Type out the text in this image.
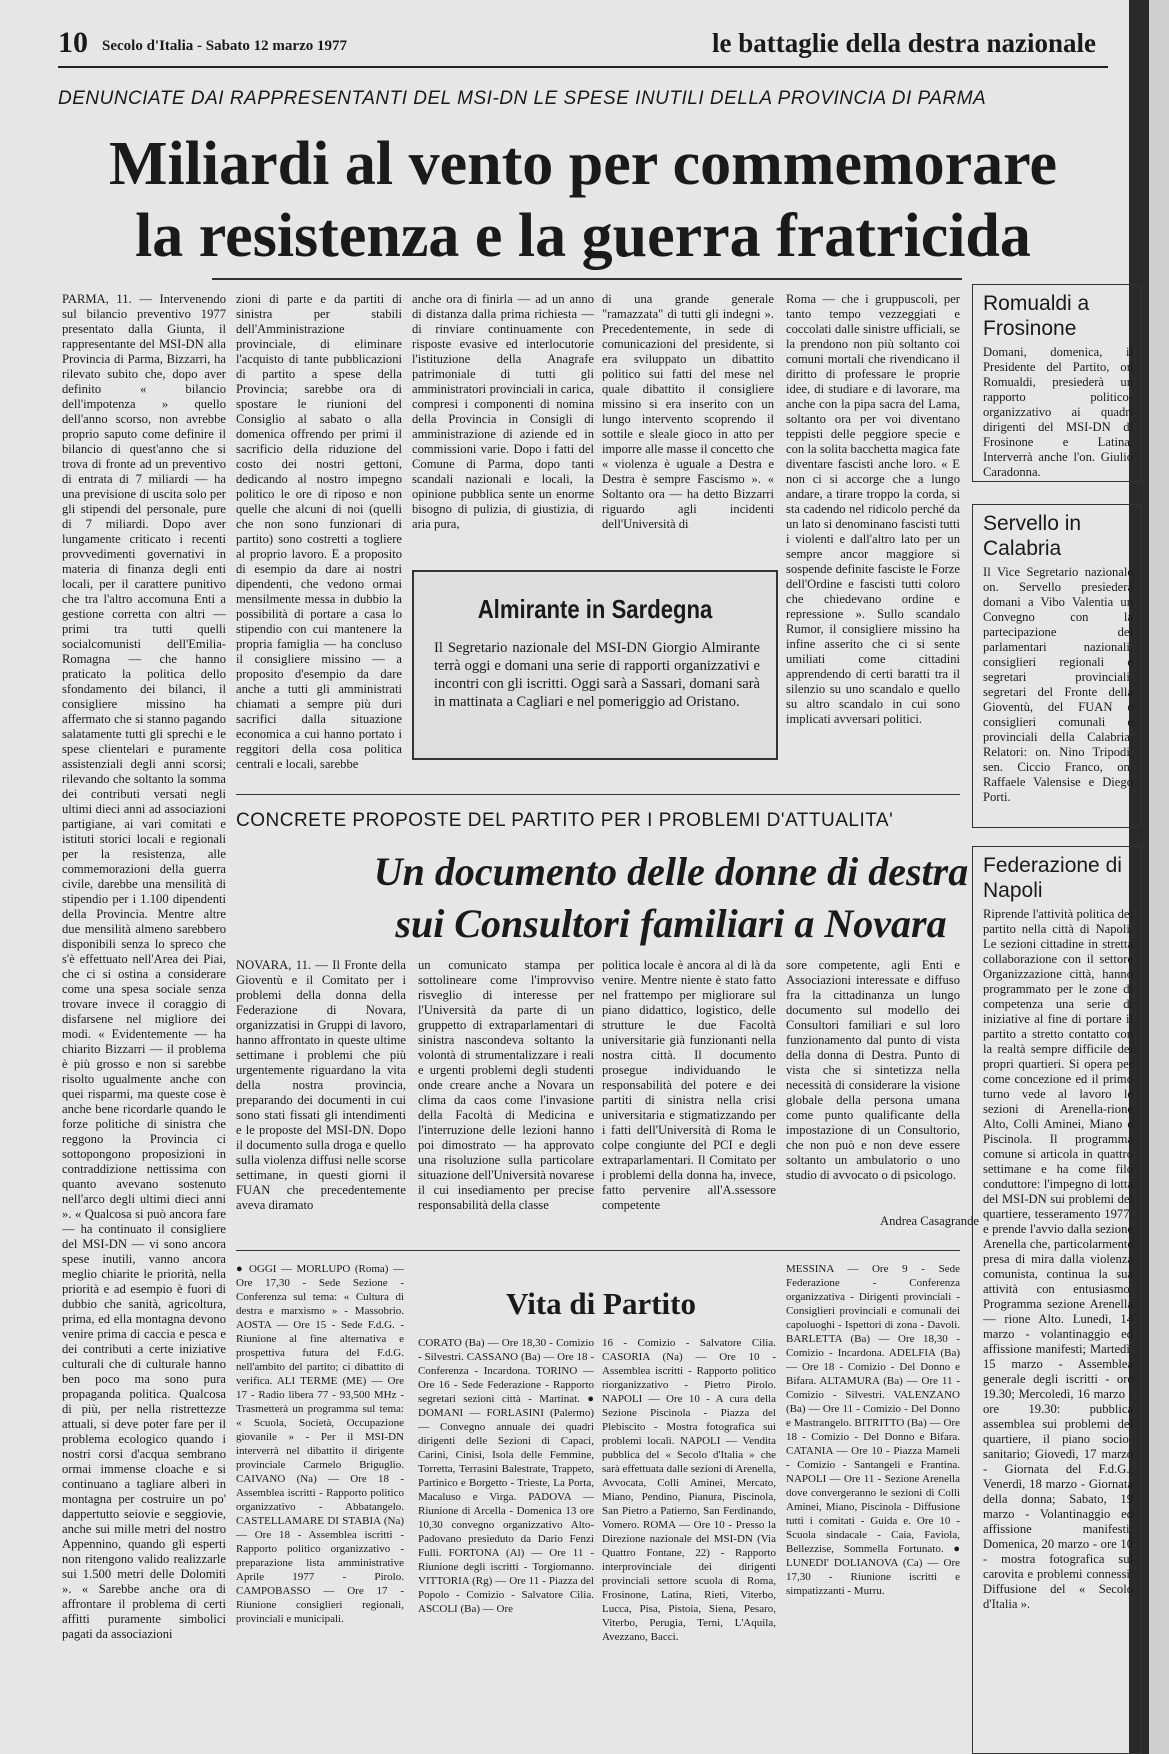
10 Secolo d'Italia - Sabato 12 marzo 1977	le battaglie della destra nazionale
DENUNCIATE DAI RAPPRESENTANTI DEL MSI-DN LE SPESE INUTILI DELLA PROVINCIA DI PARMA
Miliardi al vento per commemorare
la resistenza e la guerra fratricida
PARMA, 11. — Intervenendo sul bilancio preventivo 1977 presentato dalla Giunta, il rappresentante del MSI-DN alla Provincia di Parma, Bizzarri, ha rilevato subito che, dopo aver definito « bilancio dell'impotenza » quello dell'anno scorso, non avrebbe proprio saputo come definire il bilancio di quest'anno che si trova di fronte ad un preventivo di entrata di 7 miliardi — ha una previsione di uscita solo per gli stipendi del personale, pure di 7 miliardi. Dopo aver lungamente criticato i recenti provvedimenti governativi in materia di finanza degli enti locali, per il carattere punitivo che tra l'altro accomuna Enti a gestione corretta con altri — primi tra tutti quelli socialcomunisti dell'Emilia-Romagna — che hanno praticato la politica dello sfondamento dei bilanci, il consigliere missino ha affermato che si stanno pagando salatamente tutti gli sprechi e le spese clientelari e puramente assistenziali degli anni scorsi; rilevando che soltanto la somma dei contributi versati negli ultimi dieci anni ad associazioni partigiane, ai vari comitati e istituti storici locali e regionali per la resistenza, alle commemorazioni della guerra civile, darebbe una mensilità di stipendio per i 1.100 dipendenti della Provincia. Mentre altre due mensilità almeno sarebbero disponibili senza lo spreco che s'è effettuato nell'Area dei Piai, che ci si ostina a considerare come una spesa sociale senza trovare invece il coraggio di disfarsene nel migliore dei modi. « Evidentemente — ha chiarito Bizzarri — il problema è più grosso e non si sarebbe risolto ugualmente anche con quei risparmi, ma queste cose è anche bene ricordarle quando le forze politiche di sinistra che reggono la Provincia ci sottopongono proposizioni in contraddizione nettissima con quanto avevano sostenuto nell'arco degli ultimi dieci anni ». « Qualcosa si può ancora fare — ha continuato il consigliere del MSI-DN — vi sono ancora spese inutili, vanno ancora meglio chiarite le priorità, nella priorità e ad esempio è fuori di dubbio che sanità, agricoltura, prima, ed ella montagna devono venire prima di caccia e pesca e dei contributi a certe iniziative culturali che di culturale hanno ben poco ma sono pura propaganda politica. Qualcosa di più, per nella ristrettezze attuali, si deve poter fare per il problema ecologico quando i nostri corsi d'acqua sembrano ormai immense cloache e si continuano a tagliare alberi in montagna per costruire un po' dappertutto seiovie e seggiovie, anche sui mille metri del nostro Appennino, quando gli esperti non ritengono valido realizzarle sui 1.500 metri delle Dolomiti ». « Sarebbe anche ora di affrontare il problema di certi affitti puramente simbolici pagati da associazioni
zioni di parte e da partiti di sinistra per stabili dell'Amministrazione provinciale, di eliminare l'acquisto di tante pubblicazioni di partito a spese della Provincia; sarebbe ora di spostare le riunioni del Consiglio al sabato o alla domenica offrendo per primi il sacrificio della riduzione del costo dei nostri gettoni, dedicando al nostro impegno politico le ore di riposo e non quelle che alcuni di noi (quelli che non sono funzionari di partito) sono costretti a togliere al proprio lavoro. E a proposito di esempio da dare ai nostri dipendenti, che vedono ormai mensilmente messa in dubbio la possibilità di portare a casa lo stipendio con cui mantenere la propria famiglia — ha concluso il consigliere missino — a proposito d'esempio da dare anche a tutti gli amministrati chiamati a sempre più duri sacrifici dalla situazione economica a cui hanno portato i reggitori della cosa politica centrali e locali, sarebbe
anche ora di finirla — ad un anno di distanza dalla prima richiesta — di rinviare continuamente con risposte evasive ed interlocutorie l'istituzione della Anagrafe patrimoniale di tutti gli amministratori provinciali in carica, compresi i componenti di nomina della Provincia in Consigli di amministrazione di aziende ed in commissioni varie. Dopo i fatti del Comune di Parma, dopo tanti scandali nazionali e locali, la opinione pubblica sente un enorme bisogno di pulizia, di giustizia, di aria pura,
di una grande generale "ramazzata" di tutti gli indegni ». Precedentemente, in sede di comunicazioni del presidente, si era sviluppato un dibattito politico sui fatti del mese nel quale dibattito il consigliere missino si era inserito con un lungo intervento scoprendo il sottile e sleale gioco in atto per imporre alle masse il concetto che « violenza è uguale a Destra e Destra è sempre Fascismo ». « Soltanto ora — ha detto Bizzarri riguardo agli incidenti dell'Università di
Roma — che i gruppuscoli, per tanto tempo vezzeggiati e coccolati dalle sinistre ufficiali, se la prendono non più soltanto coi comuni mortali che rivendicano il diritto di professare le proprie idee, di studiare e di lavorare, ma anche con la pipa sacra del Lama, soltanto ora per voi diventano teppisti delle peggiore specie e con la solita bacchetta magica fate diventare fascisti anche loro. « E non ci si accorge che a lungo andare, a tirare troppo la corda, si sta cadendo nel ridicolo perché da un lato si denominano fascisti tutti i violenti e dall'altro lato per un sempre ancor maggiore si sospende definite fasciste le Forze dell'Ordine e fascisti tutti coloro che chiedevano ordine e repressione ». Sullo scandalo Rumor, il consigliere missino ha infine asserito che ci si sente umiliati come cittadini apprendendo di certi baratti tra il silenzio su uno scandalo e quello su altro scandalo in cui sono implicati avversari politici.
Almirante in Sardegna
Il Segretario nazionale del MSI-DN Giorgio Almirante terrà oggi e domani una serie di rapporti organizzativi e incontri con gli iscritti. Oggi sarà a Sassari, domani sarà in mattinata a Cagliari e nel pomeriggio ad Oristano.
Romualdi a Frosinone
Domani, domenica, il Presidente del Partito, on Romualdi, presiederà un rapporto politico-organizzativo ai quadri dirigenti del MSI-DN di Frosinone e Latina. Interverrà anche l'on. Giulio Caradonna.
Servello in Calabria
Il Vice Segretario nazionale on. Servello presiederà domani a Vibo Valentia un Convegno con la partecipazione dei parlamentari nazionali, consiglieri regionali e segretari provinciali, segretari del Fronte della Gioventù, del FUAN e consiglieri comunali e provinciali della Calabria. Relatori: on. Nino Tripodi, sen. Ciccio Franco, on. Raffaele Valensise e Diego Porti.
Federazione di Napoli
Riprende l'attività politica del partito nella città di Napoli. Le sezioni cittadine in stretta collaborazione con il settore Organizzazione città, hanno programmato per le zone di competenza una serie di iniziative al fine di portare il partito a stretto contatto con la realtà sempre difficile dei propri quartieri. Si opera per come concezione ed il primo turno vede al lavoro le sezioni di Arenella-rione Alto, Colli Aminei, Miano e Piscinola. Il programma comune si articola in quattro settimane e ha come filo conduttore: l'impegno di lotta del MSI-DN sui problemi del quartiere, tesseramento 1977; e prende l'avvio dalla sezione Arenella che, particolarmente presa di mira dalla violenza comunista, continua la sua attività con entusiasmo. Programma sezione Arenella — rione Alto. Lunedì, 14 marzo - volantinaggio ed affissione manifesti; Martedì, 15 marzo - Assemblea generale degli iscritti - ore 19.30; Mercoledì, 16 marzo - ore 19.30: pubblica assemblea sui problemi del quartiere, il piano socio-sanitario; Giovedì, 17 marzo - Giornata del F.d.G.; Venerdì, 18 marzo - Giornata della donna; Sabato, 19 marzo - Volantinaggio ed affissione manifesti; Domenica, 20 marzo - ore 10 - mostra fotografica sul carovita e problemi connessi. Diffusione del « Secolo d'Italia ».
CONCRETE PROPOSTE DEL PARTITO PER I PROBLEMI D'ATTUALITA'
Un documento delle donne di destra
sui Consultori familiari a Novara
NOVARA, 11. — Il Fronte della Gioventù e il Comitato per i problemi della donna della Federazione di Novara, organizzatisi in Gruppi di lavoro, hanno affrontato in queste ultime settimane i problemi che più urgentemente riguardano la vita della nostra provincia, preparando dei documenti in cui sono stati fissati gli intendimenti e le proposte del MSI-DN. Dopo il documento sulla droga e quello sulla violenza diffusi nelle scorse settimane, in questi giorni il FUAN che precedentemente aveva diramato
un comunicato stampa per sottolineare come l'improvviso risveglio di interesse per l'Università da parte di un gruppetto di extraparlamentari di sinistra nascondeva soltanto la volontà di strumentalizzare i reali e urgenti problemi degli studenti onde creare anche a Novara un clima da caos come l'invasione della Facoltà di Medicina e l'interruzione delle lezioni hanno poi dimostrato — ha approvato una risoluzione sulla particolare situazione dell'Università novarese il cui insediamento per precise responsabilità della classe
politica locale è ancora al di là da venire. Mentre niente è stato fatto nel frattempo per migliorare sul piano didattico, logistico, delle strutture le due Facoltà universitarie già funzionanti nella nostra città. Il documento prosegue individuando le responsabilità del potere e dei partiti di sinistra nella crisi universitaria e stigmatizzando per i fatti dell'Università di Roma le colpe congiunte del PCI e degli extraparlamentari. Il Comitato per i problemi della donna ha, invece, fatto pervenire all'A.ssessore competente
sore competente, agli Enti e Associazioni interessate e diffuso fra la cittadinanza un lungo documento sul modello dei Consultori familiari e sul loro funzionamento dal punto di vista della donna di Destra. Punto di vista che si sintetizza nella necessità di considerare la visione globale della persona umana come punto qualificante della impostazione di un Consultorio, che non può e non deve essere soltanto un ambulatorio o uno studio di avvocato o di psicologo.
Andrea Casagrande
Vita di Partito
● OGGI — MORLUPO (Roma) — Ore 17,30 - Sede Sezione - Conferenza sul tema: « Cultura di destra e marxismo » - Massobrio. AOSTA — Ore 15 - Sede F.d.G. - Riunione al fine alternativa e prospettiva futura del F.d.G. nell'ambito del partito; ci dibattito di verifica. ALI TERME (ME) — Ore 17 - Radio libera 77 - 93,500 MHz - Trasmetterà un programma sul tema: « Scuola, Società, Occupazione giovanile » - Per il MSI-DN interverrà nel dibattito il dirigente provinciale Carmelo Briguglio. CAIVANO (Na) — Ore 18 - Assemblea iscritti - Rapporto politico organizzativo - Abbatangelo. CASTELLAMARE DI STABIA (Na) — Ore 18 - Assemblea iscritti - Rapporto politico organizzativo - preparazione lista amministrative Aprile 1977 - Pirolo. CAMPOBASSO — Ore 17 - Riunione consiglieri regionali, provinciali e municipali.
CORATO (Ba) — Ore 18,30 - Comizio - Silvestri. CASSANO (Ba) — Ore 18 - Conferenza - Incardona. TORINO — Ore 16 - Sede Federazione - Rapporto segretari sezioni città - Martinat. ● DOMANI — FORLASINI (Palermo) — Convegno annuale dei quadri dirigenti delle Sezioni di Capaci, Carini, Cinisi, Isola delle Femmine, Torretta, Terrasini Balestrate, Trappeto, Partinico e Borgetto - Trieste, La Porta, Macaluso e Virga. PADOVA — Riunione di Arcella - Domenica 13 ore 10,30 convegno organizzativo Alto-Padovano presieduto da Dario Fenzi Fulli. FORTONA (Al) — Ore 11 - Riunione degli iscritti - Torgiomanno. VITTORIA (Rg) — Ore 11 - Piazza del Popolo - Comizio - Salvatore Cilia. ASCOLI (Ba) — Ore
16 - Comizio - Salvatore Cilia. CASORIA (Na) — Ore 10 - Assemblea iscritti - Rapporto politico riorganizzativo - Pietro Pirolo. NAPOLI — Ore 10 - A cura della Sezione Piscinola - Piazza del Plebiscito - Mostra fotografica sui problemi locali. NAPOLI — Vendita pubblica del « Secolo d'Italia » che sarà effettuata dalle sezioni di Arenella, Avvocata, Colli Aminei, Mercato, Miano, Pendino, Pianura, Piscinola, San Pietro a Patierno, San Ferdinando, Vomero. ROMA — Ore 10 - Presso la Direzione nazionale del MSI-DN (Via Quattro Fontane, 22) - Rapporto interprovinciale dei dirigenti provinciali settore scuola di Roma, Frosinone, Latina, Rieti, Viterbo, Lucca, Pisa, Pistoia, Siena, Pesaro, Viterbo, Perugia, Terni, L'Aquila, Avezzano, Bacci.
MESSINA — Ore 9 - Sede Federazione - Conferenza organizzativa - Dirigenti provinciali - Consiglieri provinciali e comunali dei capoluoghi - Ispettori di zona - Davoli. BARLETTA (Ba) — Ore 18,30 - Comizio - Incardona. ADELFIA (Ba) — Ore 18 - Comizio - Del Donno e Bifara. ALTAMURA (Ba) — Ore 11 - Comizio - Silvestri. VALENZANO (Ba) — Ore 11 - Comizio - Del Donno e Mastrangelo. BITRITTO (Ba) — Ore 18 - Comizio - Del Donno e Bifara. CATANIA — Ore 10 - Piazza Mameli - Comizio - Santangeli e Frantina. NAPOLI — Ore 11 - Sezione Arenella dove convergeranno le sezioni di Colli Aminei, Miano, Piscinola - Diffusione tutti i comitati - Guida e. Ore 10 - Scuola sindacale - Caia, Faviola, Bellezzise, Sommella Fortunato. ● LUNEDI' DOLIANOVA (Ca) — Ore 17,30 - Riunione iscritti e simpatizzanti - Murru.
